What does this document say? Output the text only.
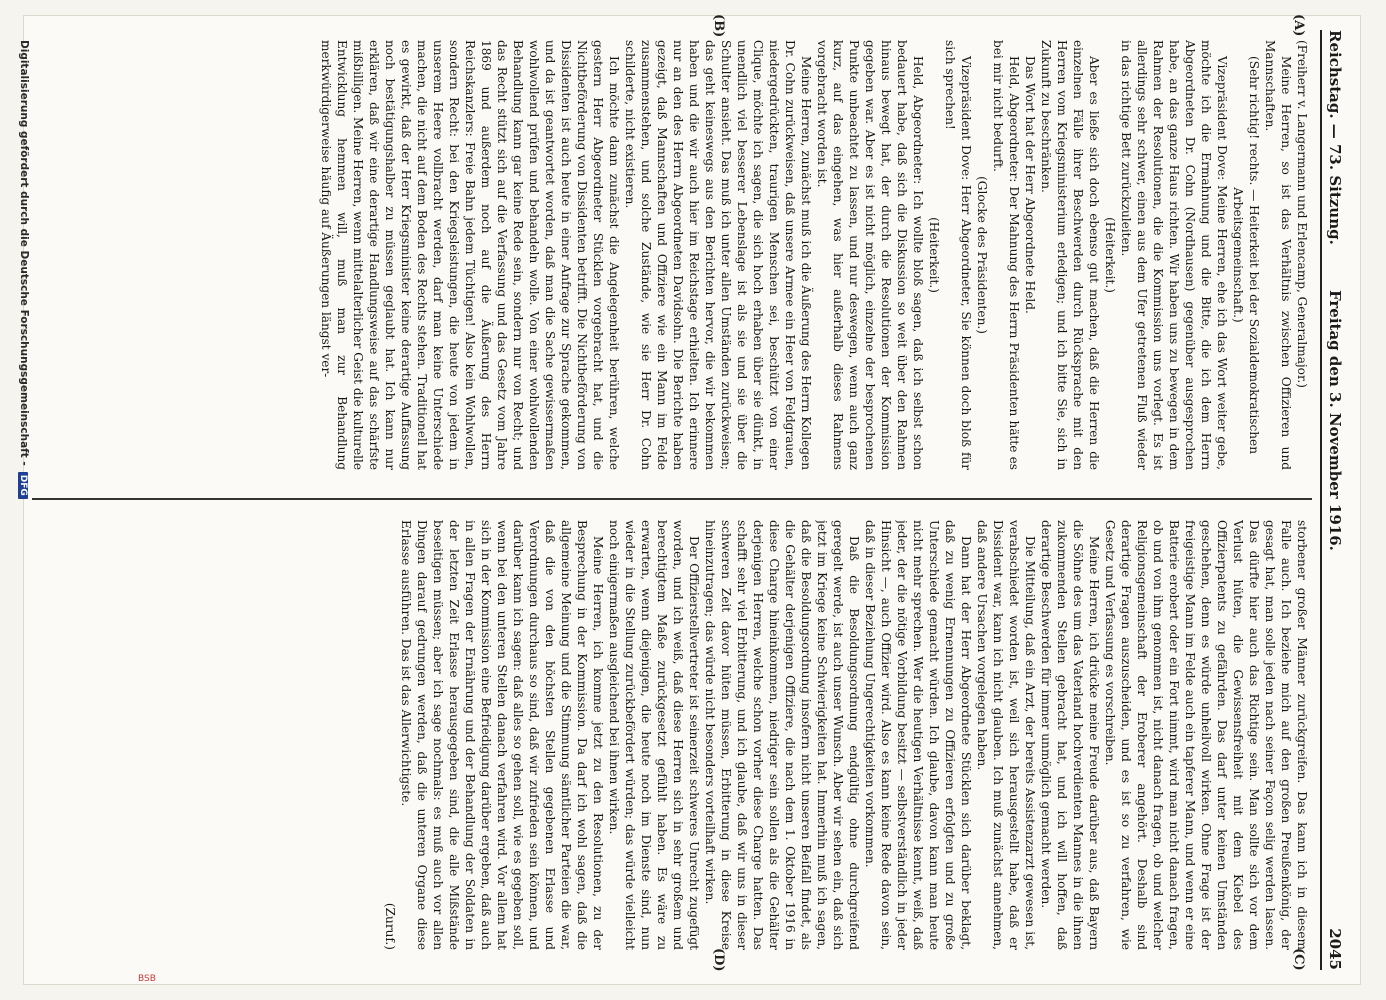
Reichstag. — 73. Sitzung.
Freitag den 3. November 1916.
2045
(A)
(B)
(C)
(D)

(Freiherr v. Langermann und Erlencamp, Generalmajor.)

Meine Herren, so ist das Verhältnis zwischen Offizieren und Mannschaften.

(Sehr richtig! rechts. — Heiterkeit bei der Sozialdemokratischen Arbeitsgemeinschaft.)

Vizepräsident Dove: Meine Herren, ehe ich das Wort weiter gebe, möchte ich die Ermahnung und die Bitte, die ich dem Herrn Abgeordneten Dr. Cohn (Nordhausen) gegenüber ausgesprochen habe, an das ganze Haus richten. Wir haben uns zu bewegen in dem Rahmen der Resolutionen, die die Kommission uns vorlegt. Es ist allerdings sehr schwer, einen aus dem Ufer getretenen Fluß wieder in das richtige Bett zurückzuleiten.

(Heiterkeit.)

Aber es ließe sich doch ebenso gut machen, daß die Herren die einzelnen Fälle ihrer Beschwerden durch Rücksprache mit den Herren vom Kriegsministerium erledigen; und ich bitte Sie, sich in Zukunft zu beschränken.

Das Wort hat der Herr Abgeordnete Held.

Held, Abgeordneter: Der Mahnung des Herrn Präsidenten hätte es bei mir nicht bedurft.

(Glocke des Präsidenten.)

Vizepräsident Dove: Herr Abgeordneter, Sie können doch bloß für sich sprechen!

(Heiterkeit.)

Held, Abgeordneter: Ich wollte bloß sagen, daß ich selbst schon bedauert habe, daß sich die Diskussion so weit über den Rahmen hinaus bewegt hat, der durch die Resolutionen der Kommission gegeben war. Aber es ist nicht möglich, einzelne der besprochenen Punkte unbeachtet zu lassen, und nur deswegen, wenn auch ganz kurz, auf das eingehen, was hier außerhalb dieses Rahmens vorgebracht worden ist.

Meine Herren, zunächst muß ich die Äußerung des Herrn Kollegen Dr. Cohn zurückweisen, daß unsere Armee ein Heer von Feldgrauen, niedergedrückten, traurigen Menschen sei, beschützt von einer Clique, möchte ich sagen, die sich hoch erhaben über sie dünkt, in unendlich viel besserer Lebenslage ist als sie und sie über die Schulter ansieht. Das muß ich unter allen Umständen zurückweisen; das geht keineswegs aus den Berichten hervor, die wir bekommen haben und die wir auch hier im Reichstage erhielten. Ich erinnere nur an den des Herrn Abgeordneten Davidsohn. Die Berichte haben gezeigt, daß Mannschaften und Offiziere wie ein Mann im Felde zusammenstehen, und solche Zustände, wie sie Herr Dr. Cohn schilderte, nicht existieren.

Ich möchte dann zunächst die Angelegenheit berühren, welche gestern Herr Abgeordneter Stücklen vorgebracht hat, und die Nichtbeförderung von Dissidenten betrifft. Die Nichtbeförderung von Dissidenten ist auch heute in einer Anfrage zur Sprache gekommen, und da ist geantwortet worden, daß man die Sache gewissermaßen wohlwollend prüfen und behandeln wolle. Von einer wohlwollenden Behandlung kann gar keine Rede sein, sondern nur von Recht; und das Recht stützt sich auf die Verfassung und das Gesetz vom Jahre 1869 und außerdem noch auf die Äußerung des Herrn Reichskanzlers: Freie Bahn jedem Tüchtigen! Also kein Wohlwollen, sondern Recht: bei den Kriegsleistungen, die heute von jedem in unserem Heere vollbracht werden, darf man keine Unterschiede machen, die nicht auf dem Boden des Rechts stehen. Traditionell hat es gewirkt, daß der Herr Kriegsminister keine derartige Auffassung noch bestätigungshalber zu müssen geglaubt hat. Ich kann nur erklären, daß wir eine derartige Handlungsweise auf das schärfste mißbilligen. Meine Herren, wenn mittelalterlicher Geist die kulturelle Entwicklung hemmen will, muß man zur Behandlung merkwürdigerweise häufig auf Äußerungen längst ver-

storbener großer Männer zurückgreifen. Das kann ich in diesem Falle auch. Ich beziehe mich auf den großen Preußenkönig, der gesagt hat, man solle jeden nach seiner Façon selig werden lassen. Das dürfte hier auch das Richtige sein. Man sollte sich vor dem Verlust hüten, die Gewissensfreiheit mit dem Kiebel des Offizierpatents zu gefährden. Das darf unter keinen Umständen geschehen, denn es würde unheilvoll wirken. Ohne Frage ist der freigeistige Mann im Felde auch ein tapferer Mann, und wenn er eine Batterie erobert oder ein Fort nimmt, wird man nicht danach fragen, ob und von ihm genommen ist, nicht danach fragen, ob und welcher Religionsgemeinschaft der Eroberer angehört. Deshalb sind derartige Fragen auszuscheiden, und es ist so zu verfahren, wie Gesetz und Verfassung es vorschreiben.

Meine Herren, ich drücke meine Freude darüber aus, daß Bayern die Söhne des um das Vaterland hochverdienten Mannes in die ihnen zukommenden Stellen gebracht hat, und ich will hoffen, daß derartige Beschwerden für immer unmöglich gemacht werden.

Die Mitteilung, daß ein Arzt, der bereits Assistenzarzt gewesen ist, verabschiedet worden ist, weil sich herausgestellt habe, daß er Dissident war, kann ich nicht glauben. Ich muß zunächst annehmen, daß andere Ursachen vorgelegen haben.

Dann hat der Herr Abgeordnete Stücklen sich darüber beklagt, daß zu wenig Ernennungen zu Offizieren erfolgten und zu große Unterschiede gemacht würden. Ich glaube, davon kann man heute nicht mehr sprechen. Wer die heutigen Verhältnisse kennt, weiß, daß jeder, der die nötige Vorbildung besitzt — selbstverständlich in jeder Hinsicht —, auch Offizier wird. Also es kann keine Rede davon sein, daß in dieser Beziehung Ungerechtigkeiten vorkommen.

Daß die Besoldungsordnung endgültig ohne durchgreifend geregelt werde, ist auch unser Wunsch. Aber wir sehen ein, daß sich jetzt im Kriege keine Schwierigkeiten hat. Immerhin muß ich sagen, daß die Besoldungsordnung insofern nicht unseren Beifall findet, als die Gehälter derjenigen Offiziere, die nach dem 1. Oktober 1916 in diese Charge hineinkommen, niedriger sein sollen als die Gehälter derjenigen Herren, welche schon vorher diese Charge hatten. Das schafft sehr viel Erbitterung, und ich glaube, daß wir uns in dieser schweren Zeit davor hüten müssen, Erbitterung in diese Kreise hineinzutragen; das würde nicht besonders vorteilhaft wirken.

Der Offizierstellvertreter ist seinerzeit schweres Unrecht zugefügt worden, und ich weiß, daß diese Herren sich in sehr großem und berechtigtem Maße zurückgesetzt gefühlt haben. Es wäre zu erwarten, wenn diejenigen, die heute noch im Dienste sind, nun wieder in die Stellung zurückbefördert würden; das würde vielleicht noch einigermaßen ausgleichend bei ihnen wirken.

Meine Herren, ich komme jetzt zu den Resolutionen, zu der Besprechung in der Kommission. Da darf ich wohl sagen, daß die allgemeine Meinung und die Stimmung sämtlicher Parteien die war, daß die von den höchsten Stellen gegebenen Erlasse und Verordnungen durchaus so sind, daß wir zufrieden sein können, und darüber kann ich sagen: daß alles so gehen soll, wie es gegeben soll, wenn bei den unteren Stellen danach verfahren wird. Vor allem hat sich in der Kommission eine Befriedigung darüber ergeben, daß auch in allen Fragen der Ernährung und der Behandlung der Soldaten in der letzten Zeit Erlasse herausgegeben sind, die alle Mißstände beseitigen müssen; aber ich sage nochmals: es muß auch vor allen Dingen darauf gedrungen werden, daß die unteren Organe diese Erlasse ausführen. Das ist das Allerwichtigste.

(Zuruf.)

BSB
Digitalisierung gefördert durch die Deutsche Forschungsgemeinschaft -DFG
